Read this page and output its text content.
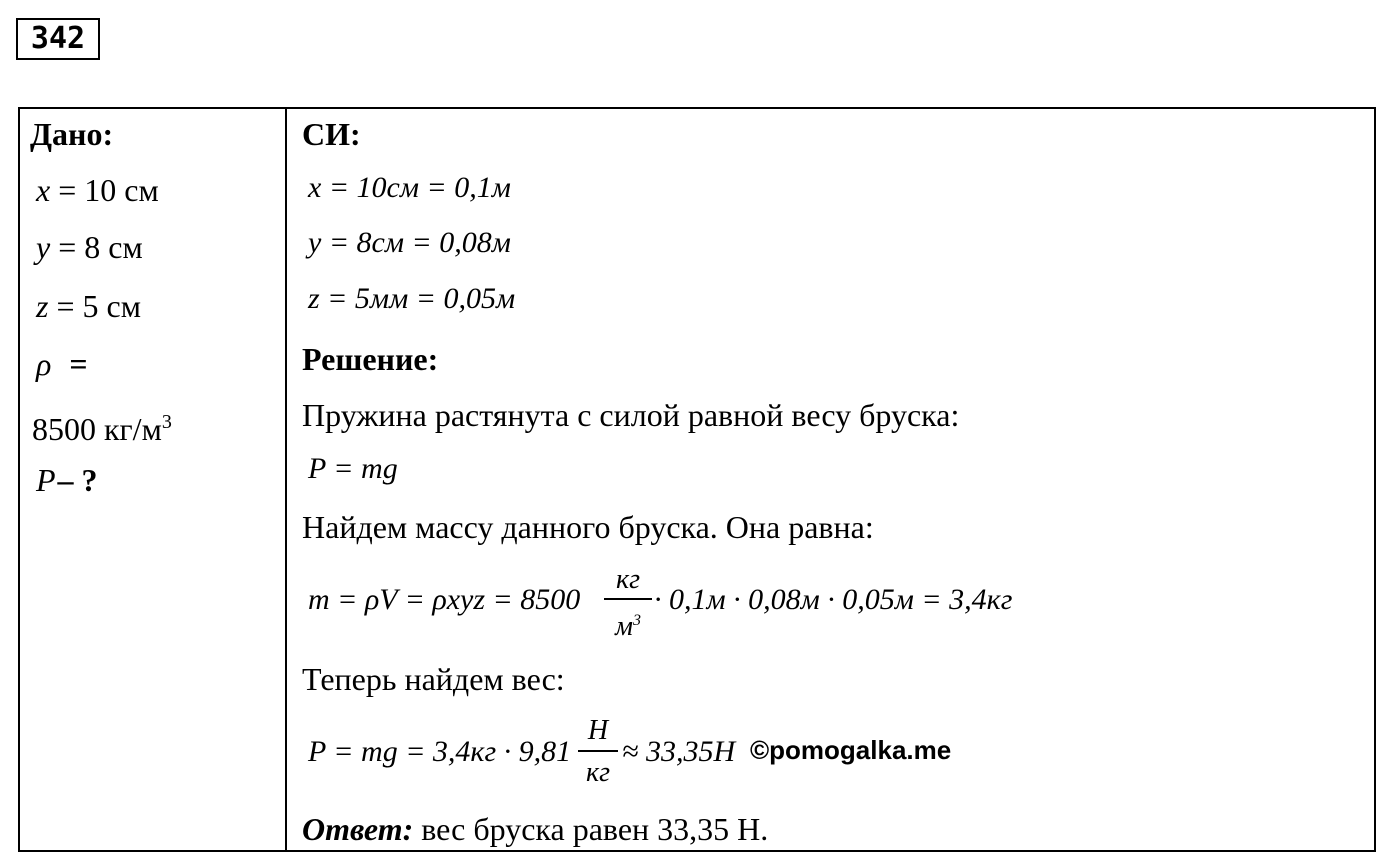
342
Дано:
x = 10 см
y = 8 см
z = 5 см
ρ =
8500 $кг/м^3$
P– ?
СИ:
x = 10см = 0,1м
y = 8см = 0,08м
z = 5мм = 0,05м
Решение:
Пружина растянута с силой равной весу бруска:
P = mg
Найдем массу данного бруска. Она равна:
m = ρV = ρxyz = 8500
кг
$м^3$
· 0,1м · 0,08м · 0,05м = 3,4кг
Теперь найдем вес:
P = mg = 3,4кг · 9,81
Н
кг
≈ 33,35Н ©pomogalka.me
Ответ: вес бруска равен 33,35 Н.
